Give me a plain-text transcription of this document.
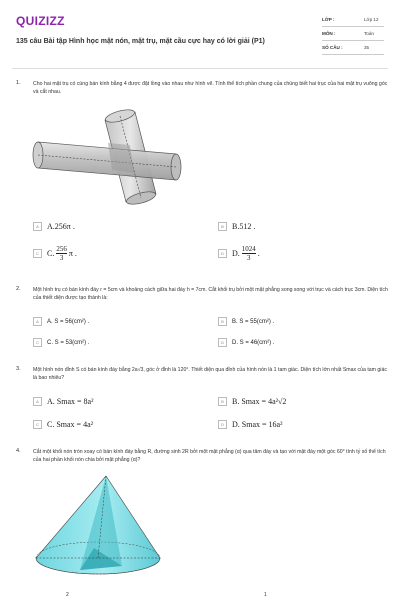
QUIZIZZ
135 câu Bài tập Hình học mặt nón, mặt trụ, mặt cầu cực hay có lời giải (P1)
LỚP :	Lớp 12
MÔN :	Toán
SỐ CÂU :	35
1. Cho hai mặt trụ có cùng bán kính bằng 4 được đặt lồng vào nhau như hình vẽ. Tính thể tích phần chung của chúng biết hai trục của hai mặt trụ vuông góc và cắt nhau.
A	A. 256π .	B	B. 512 .
C	C. $\frac{256}{3}$ π .	D	D. $\frac{1024}{3}$ .
2. Một hình trụ có bán kính đáy r = 5cm và khoảng cách giữa hai đáy h = 7cm. Cắt khối trụ bởi một mặt phẳng song song với trục và cách trục 3cm. Diện tích của thiết diện được tạo thành là:
A	A. S = 56(cm²) .	B	B. S = 55(cm²) .
C	C. S = 53(cm²) .	D	D. S = 46(cm²) .
3. Một hình nón đỉnh S có bán kính đáy bằng 2a√3, góc ở đỉnh là 120°. Thiết diện qua đỉnh của hình nón là 1 tam giác. Diện tích lớn nhất Smax của tam giác là bao nhiêu?
A	A. Smax = 8a²	B	B. Smax = 4a²√2
C	C. Smax = 4a²	D	D. Smax = 16a²
4. Cắt một khối nón tròn xoay có bán kính đáy bằng R, đường sinh 2R bởi một mặt phẳng (α) qua tâm đáy và tạo với mặt đáy một góc 60° tính tỷ số thể tích của hai phần khối nón chia bởi mặt phẳng (α)?
2	1
